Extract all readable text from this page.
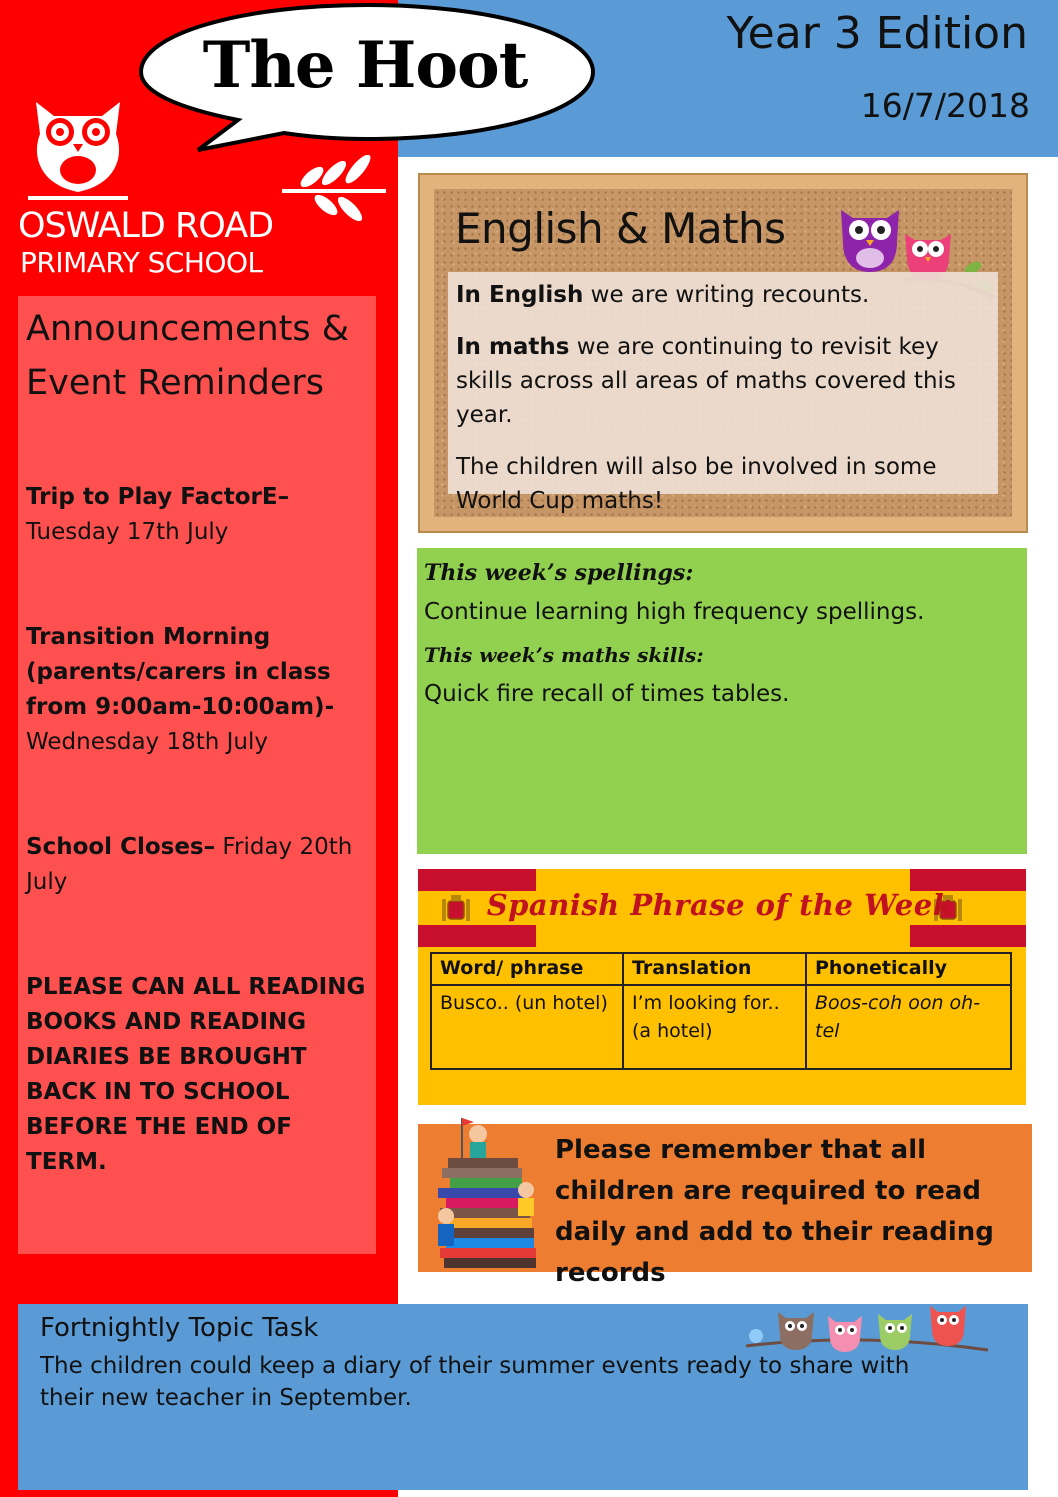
The Hoot	Year 3 Edition
16/7/2018
OSWALD ROAD
PRIMARY SCHOOL

Announcements &
Event Reminders

Trip to Play FactorE–
Tuesday 17th July

Transition Morning
(parents/carers in class
from 9:00am-10:00am)-
Wednesday 18th July

School Closes– Friday 20th
July

PLEASE CAN ALL READING
BOOKS AND READING
DIARIES BE BROUGHT
BACK IN TO SCHOOL
BEFORE THE END OF TERM.

English & Maths

In English we are writing recounts.

In maths we are continuing to revisit key skills across all areas of maths covered this year.

The children will also be involved in some World Cup maths!

This week’s spellings:

Continue learning high frequency spellings.

This week’s maths skills:

Quick fire recall of times tables.

Spanish Phrase of the Week
Word/ phrase	Translation	Phonetically
Busco.. (un hotel)	I’m looking for.. (a hotel)	Boos-coh oon oh-tel
Please remember that all children are required to read daily and add to their reading records

Fortnightly Topic Task

The children could keep a diary of their summer events ready to share with their new teacher in September.
